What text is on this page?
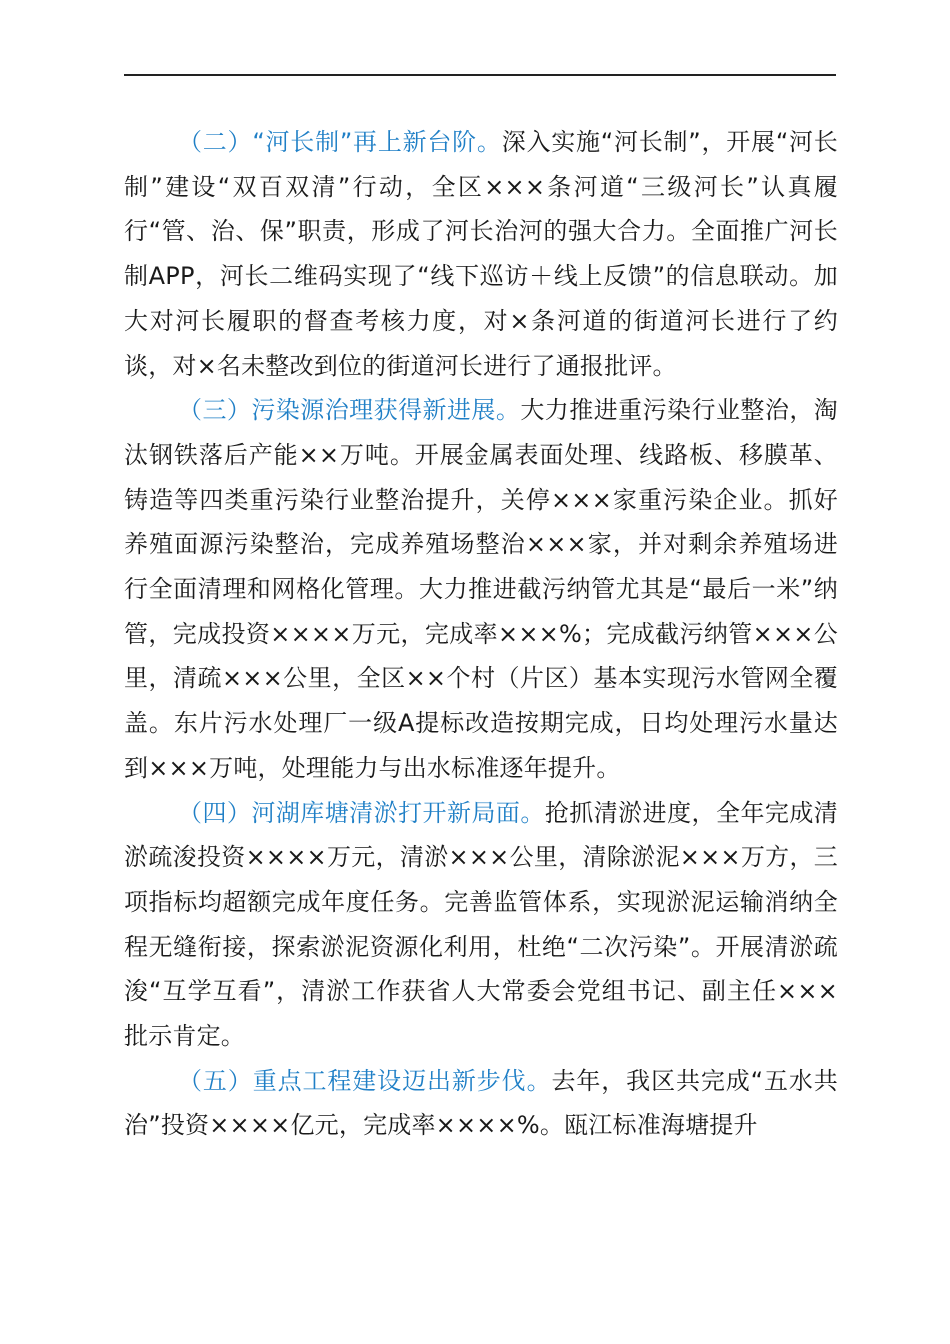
（二）“河长制”再上新台阶。深入实施“河长制”，开展“河长制”建设“双百双清”行动，全区×××条河道“三级河长”认真履行“管、治、保”职责，形成了河长治河的强大合力。全面推广河长制APP，河长二维码实现了“线下巡访＋线上反馈”的信息联动。加大对河长履职的督查考核力度，对×条河道的街道河长进行了约谈，对×名未整改到位的街道河长进行了通报批评。

（三）污染源治理获得新进展。大力推进重污染行业整治，淘汰钢铁落后产能××万吨。开展金属表面处理、线路板、移膜革、铸造等四类重污染行业整治提升，关停×××家重污染企业。抓好养殖面源污染整治，完成养殖场整治×××家，并对剩余养殖场进行全面清理和网格化管理。大力推进截污纳管尤其是“最后一米”纳管，完成投资××××万元，完成率×××%；完成截污纳管×××公里，清疏×××公里，全区××个村（片区）基本实现污水管网全覆盖。东片污水处理厂一级A提标改造按期完成，日均处理污水量达到×××万吨，处理能力与出水标准逐年提升。

（四）河湖库塘清淤打开新局面。抢抓清淤进度，全年完成清淤疏浚投资××××万元，清淤×××公里，清除淤泥×××万方，三项指标均超额完成年度任务。完善监管体系，实现淤泥运输消纳全程无缝衔接，探索淤泥资源化利用，杜绝“二次污染”。开展清淤疏浚“互学互看”，清淤工作获省人大常委会党组书记、副主任×××批示肯定。

（五）重点工程建设迈出新步伐。去年，我区共完成“五水共治”投资××××亿元，完成率××××%。瓯江标准海塘提升
